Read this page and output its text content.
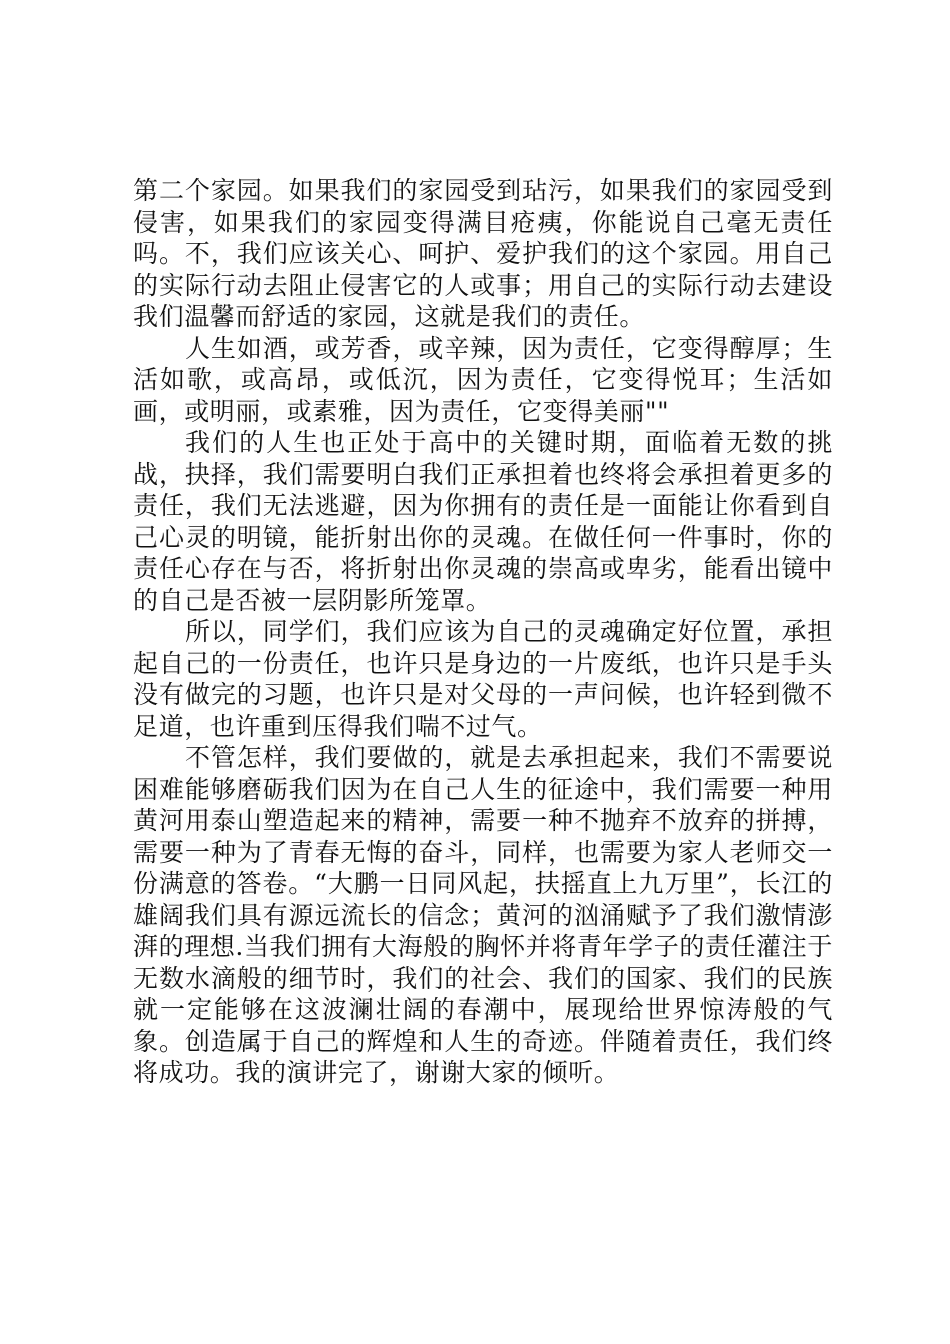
第二个家园。如果我们的家园受到玷污，如果我们的家园受到侵害，如果我们的家园变得满目疮痍，你能说自己毫无责任吗。不，我们应该关心、呵护、爱护我们的这个家园。用自己的实际行动去阻止侵害它的人或事；用自己的实际行动去建设我们温馨而舒适的家园，这就是我们的责任。

人生如酒，或芳香，或辛辣，因为责任，它变得醇厚；生活如歌，或高昂，或低沉，因为责任，它变得悦耳；生活如画，或明丽，或素雅，因为责任，它变得美丽""

我们的人生也正处于高中的关键时期，面临着无数的挑战，抉择，我们需要明白我们正承担着也终将会承担着更多的责任，我们无法逃避，因为你拥有的责任是一面能让你看到自己心灵的明镜，能折射出你的灵魂。在做任何一件事时，你的责任心存在与否，将折射出你灵魂的崇高或卑劣，能看出镜中的自己是否被一层阴影所笼罩。

所以，同学们，我们应该为自己的灵魂确定好位置，承担起自己的一份责任，也许只是身边的一片废纸，也许只是手头没有做完的习题，也许只是对父母的一声问候，也许轻到微不足道，也许重到压得我们喘不过气。

不管怎样，我们要做的，就是去承担起来，我们不需要说困难能够磨砺我们因为在自己人生的征途中，我们需要一种用黄河用泰山塑造起来的精神，需要一种不抛弃不放弃的拼搏，需要一种为了青春无悔的奋斗，同样，也需要为家人老师交一份满意的答卷。“大鹏一日同风起，扶摇直上九万里”，长江的雄阔我们具有源远流长的信念；黄河的汹涌赋予了我们激情澎湃的理想.当我们拥有大海般的胸怀并将青年学子的责任灌注于无数水滴般的细节时，我们的社会、我们的国家、我们的民族就一定能够在这波澜壮阔的春潮中，展现给世界惊涛般的气象。创造属于自己的辉煌和人生的奇迹。伴随着责任，我们终将成功。我的演讲完了，谢谢大家的倾听。
